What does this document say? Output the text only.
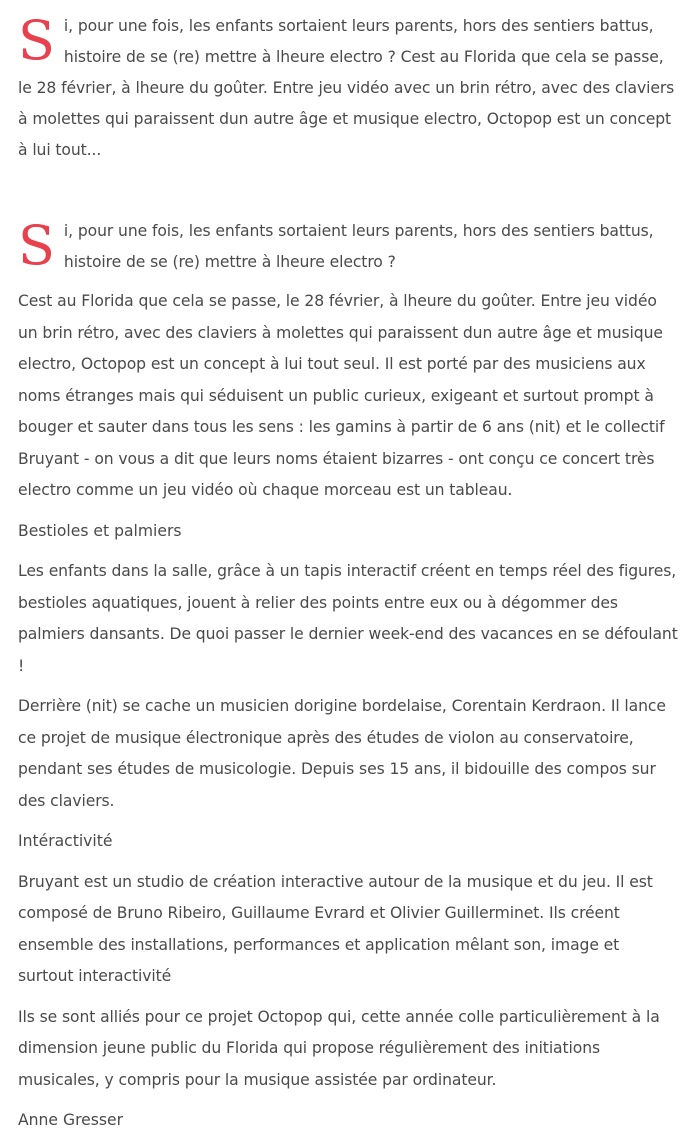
S i, pour une fois, les enfants sortaient leurs parents, hors des sentiers battus, histoire de se (re) mettre à lheure electro ? Cest au Florida que cela se passe, le 28 février, à lheure du goûter. Entre jeu vidéo avec un brin rétro, avec des claviers à molettes qui paraissent dun autre âge et musique electro, Octopop est un concept à lui tout...
S i, pour une fois, les enfants sortaient leurs parents, hors des sentiers battus, histoire de se (re) mettre à lheure electro ?

Cest au Florida que cela se passe, le 28 février, à lheure du goûter. Entre jeu vidéo un brin rétro, avec des claviers à molettes qui paraissent dun autre âge et musique electro, Octopop est un concept à lui tout seul. Il est porté par des musiciens aux noms étranges mais qui séduisent un public curieux, exigeant et surtout prompt à bouger et sauter dans tous les sens : les gamins à partir de 6 ans (nit) et le collectif Bruyant - on vous a dit que leurs noms étaient bizarres - ont conçu ce concert très electro comme un jeu vidéo où chaque morceau est un tableau.

Bestioles et palmiers

Les enfants dans la salle, grâce à un tapis interactif créent en temps réel des figures, bestioles aquatiques, jouent à relier des points entre eux ou à dégommer des palmiers dansants. De quoi passer le dernier week-end des vacances en se défoulant !

Derrière (nit) se cache un musicien dorigine bordelaise, Corentain Kerdraon. Il lance ce projet de musique électronique après des études de violon au conservatoire, pendant ses études de musicologie. Depuis ses 15 ans, il bidouille des compos sur des claviers.

Intéractivité

Bruyant est un studio de création interactive autour de la musique et du jeu. Il est composé de Bruno Ribeiro, Guillaume Evrard et Olivier Guillerminet. Ils créent ensemble des installations, performances et application mêlant son, image et surtout interactivité

Ils se sont alliés pour ce projet Octopop qui, cette année colle particulièrement à la dimension jeune public du Florida qui propose régulièrement des initiations musicales, y compris pour la musique assistée par ordinateur.

Anne Gresser
